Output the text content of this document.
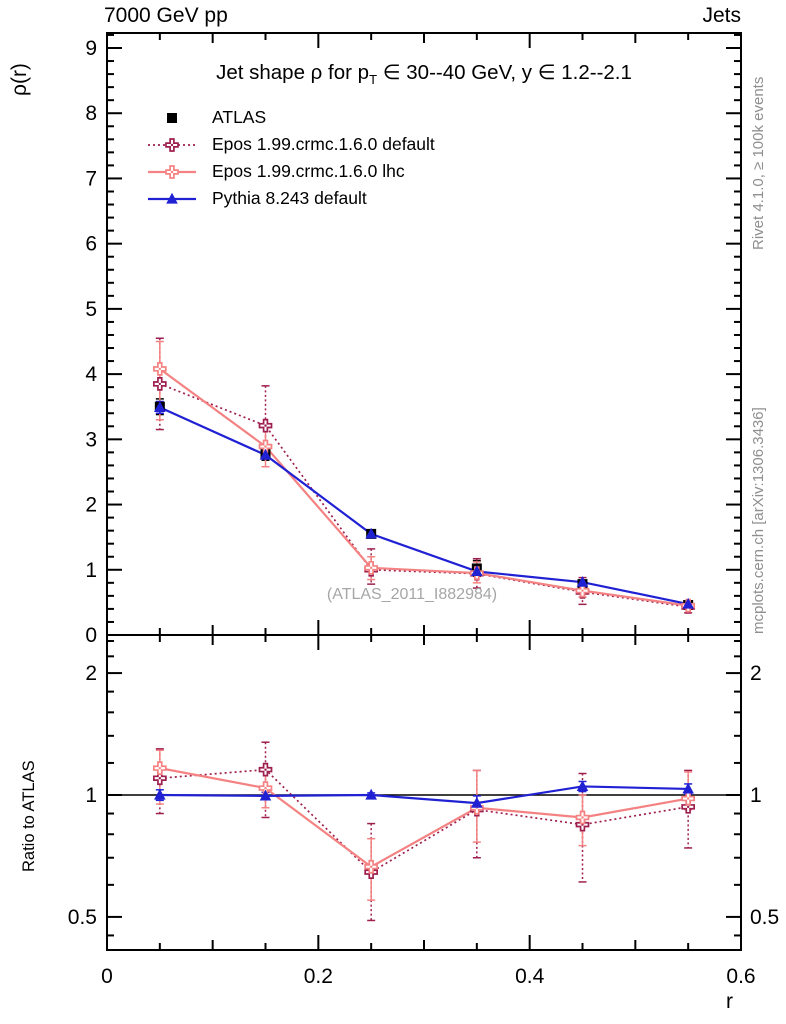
0
1
2
3
4
5
6
7
8
9
0.5	0.5
1	1
2	2
0	0.2	0.4	0.6
7000 GeV pp	Jets
Jet shape ρ for $p_T$ ∈ 30--40 GeV, y ∈ 1.2--2.1
ATLAS
Epos 1.99.crmc.1.6.0 default
Epos 1.99.crmc.1.6.0 lhc
Pythia 8.243 default
ρ(r)
Ratio to ATLAS
r
(ATLAS_2011_I882984)
Rivet 4.1.0, ≥ 100k events
mcplots.cern.ch [arXiv:1306.3436]
